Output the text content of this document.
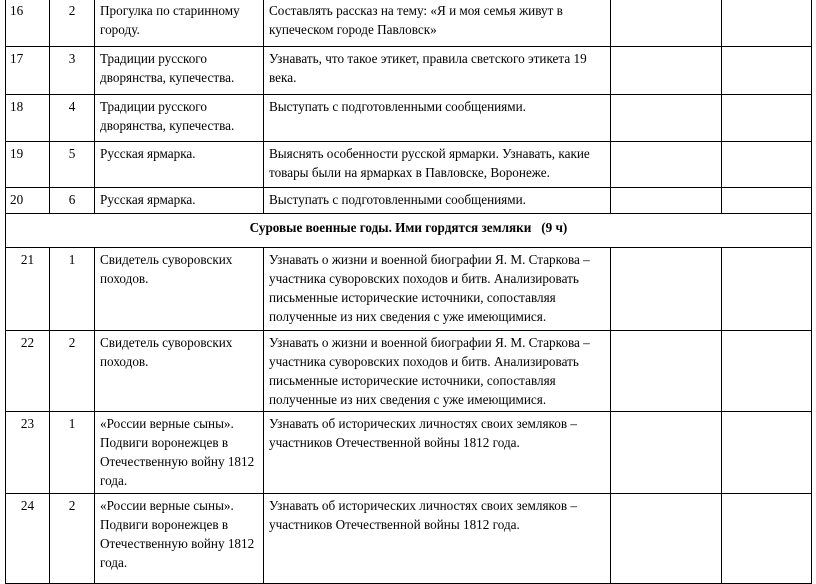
16	2	Прогулка по старинному городу.	Составлять рассказ на тему: «Я и моя семья живут в купеческом городе Павловск»		
17	3	Традиции русского дворянства, купечества.	Узнавать, что такое этикет, правила светского этикета 19 века.		
18	4	Традиции русского дворянства, купечества.	Выступать с подготовленными сообщениями.		
19	5	Русская ярмарка.	Выяснять особенности русской ярмарки. Узнавать, какие товары были на ярмарках в Павловске, Воронеже.		
20	6	Русская ярмарка.	Выступать с подготовленными сообщениями.		
Суровые военные годы. Ими гордятся земляки   (9 ч)					
21	1	Свидетель суворовских походов.	Узнавать о жизни и военной биографии Я. М. Старкова – участника суворовских походов и битв. Анализировать письменные исторические источники, сопоставляя полученные из них сведения с уже имеющимися.		
22	2	Свидетель суворовских походов.	Узнавать о жизни и военной биографии Я. М. Старкова – участника суворовских походов и битв. Анализировать письменные исторические источники, сопоставляя полученные из них сведения с уже имеющимися.		
23	1	«России верные сыны». Подвиги воронежцев в Отечественную войну 1812 года.	Узнавать об исторических личностях своих земляков – участников Отечественной войны 1812 года.		
24	2	«России верные сыны». Подвиги воронежцев в Отечественную войну 1812 года.	Узнавать об исторических личностях своих земляков – участников Отечественной войны 1812 года.		
